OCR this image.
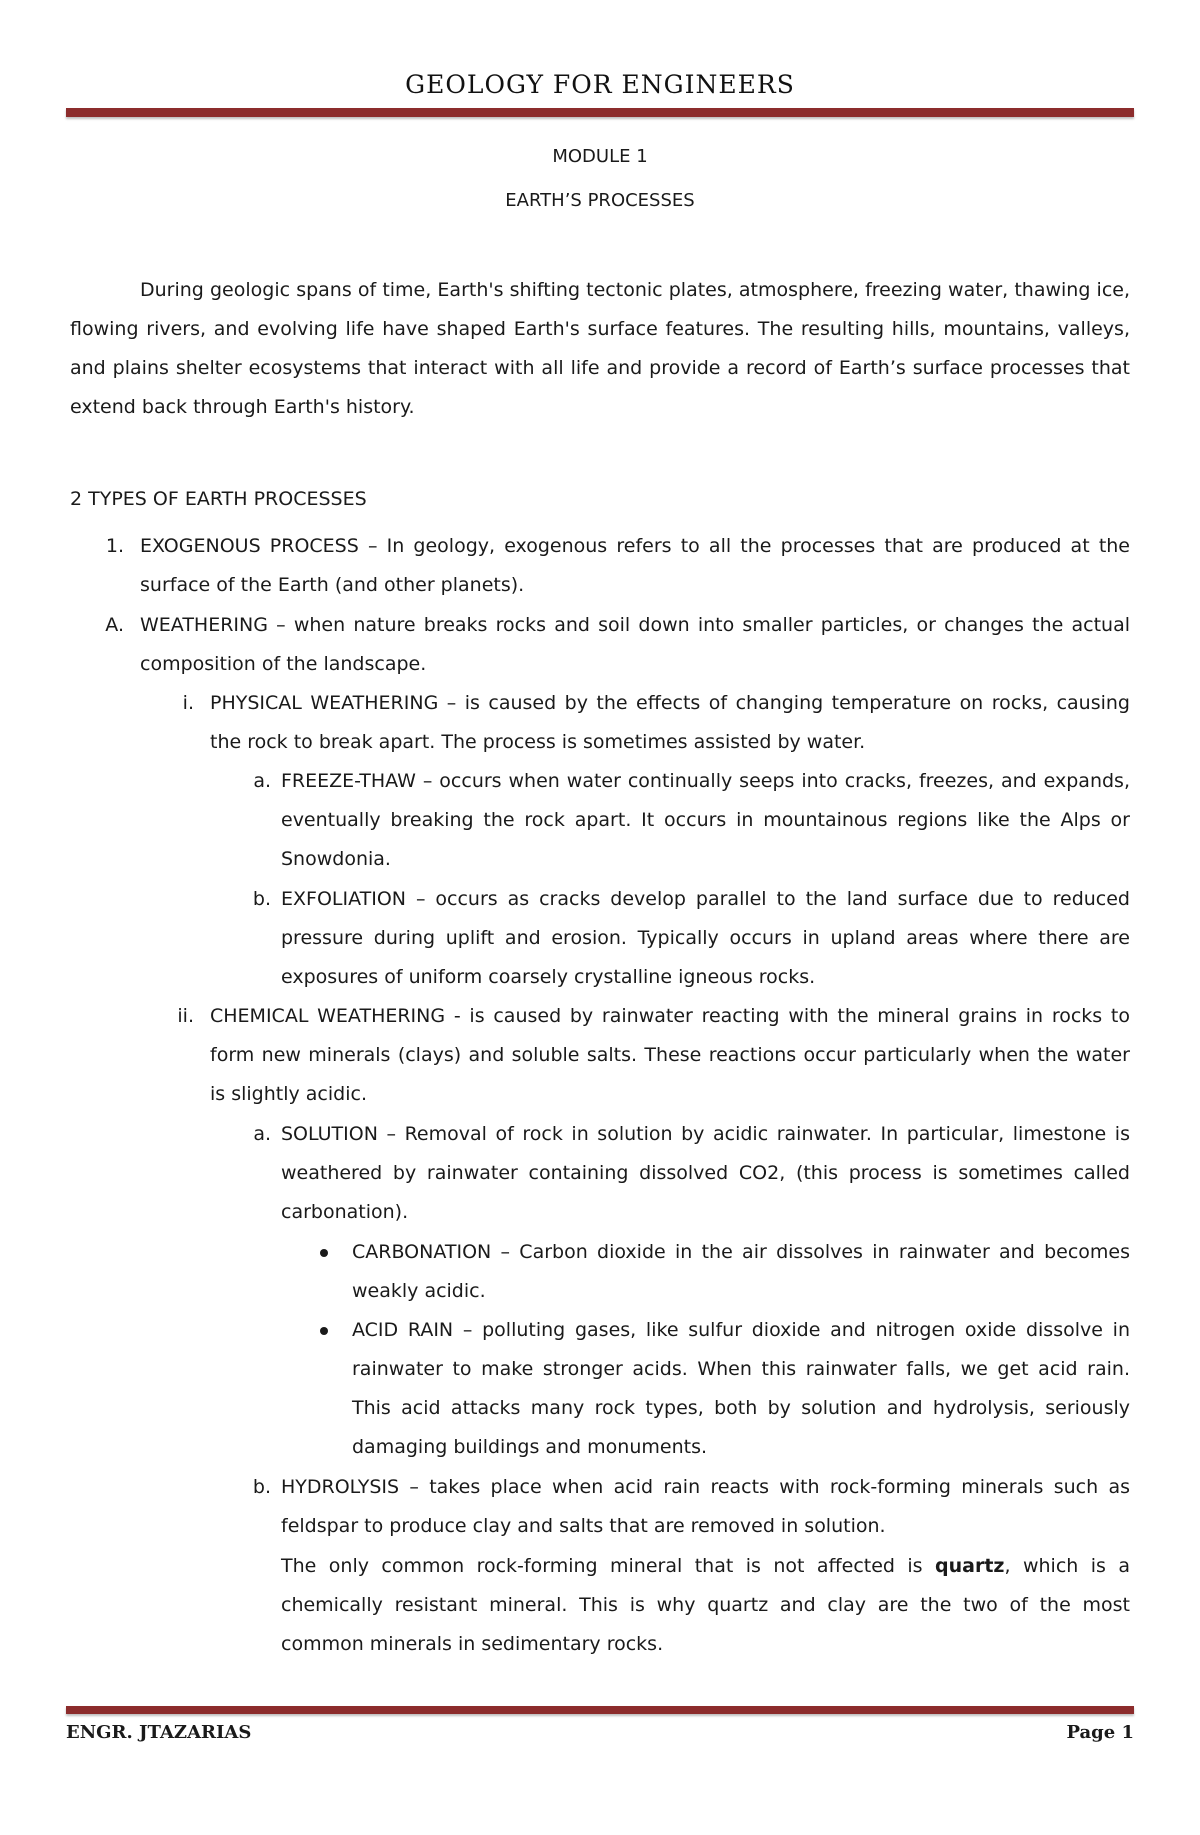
GEOLOGY FOR ENGINEERS
MODULE 1
EARTH’S PROCESSES
During geologic spans of time, Earth's shifting tectonic plates, atmosphere, freezing water, thawing ice, flowing rivers, and evolving life have shaped Earth's surface features. The resulting hills, mountains, valleys, and plains shelter ecosystems that interact with all life and provide a record of Earth’s surface processes that extend back through Earth's history.
2 TYPES OF EARTH PROCESSES
1. EXOGENOUS PROCESS – In geology, exogenous refers to all the processes that are produced at the surface of the Earth (and other planets).
A. WEATHERING – when nature breaks rocks and soil down into smaller particles, or changes the actual composition of the landscape.
i. PHYSICAL WEATHERING – is caused by the effects of changing temperature on rocks, causing the rock to break apart. The process is sometimes assisted by water.
a. FREEZE-THAW – occurs when water continually seeps into cracks, freezes, and expands, eventually breaking the rock apart. It occurs in mountainous regions like the Alps or Snowdonia.
b. EXFOLIATION – occurs as cracks develop parallel to the land surface due to reduced pressure during uplift and erosion. Typically occurs in upland areas where there are exposures of uniform coarsely crystalline igneous rocks.
ii. CHEMICAL WEATHERING - is caused by rainwater reacting with the mineral grains in rocks to form new minerals (clays) and soluble salts. These reactions occur particularly when the water is slightly acidic.
a. SOLUTION – Removal of rock in solution by acidic rainwater. In particular, limestone is weathered by rainwater containing dissolved CO2, (this process is sometimes called carbonation).
CARBONATION – Carbon dioxide in the air dissolves in rainwater and becomes weakly acidic.
ACID RAIN – polluting gases, like sulfur dioxide and nitrogen oxide dissolve in rainwater to make stronger acids. When this rainwater falls, we get acid rain. This acid attacks many rock types, both by solution and hydrolysis, seriously damaging buildings and monuments.
b. HYDROLYSIS – takes place when acid rain reacts with rock-forming minerals such as feldspar to produce clay and salts that are removed in solution.
The only common rock-forming mineral that is not affected is quartz, which is a chemically resistant mineral. This is why quartz and clay are the two of the most common minerals in sedimentary rocks.
ENGR. JTAZARIAS	Page 1
